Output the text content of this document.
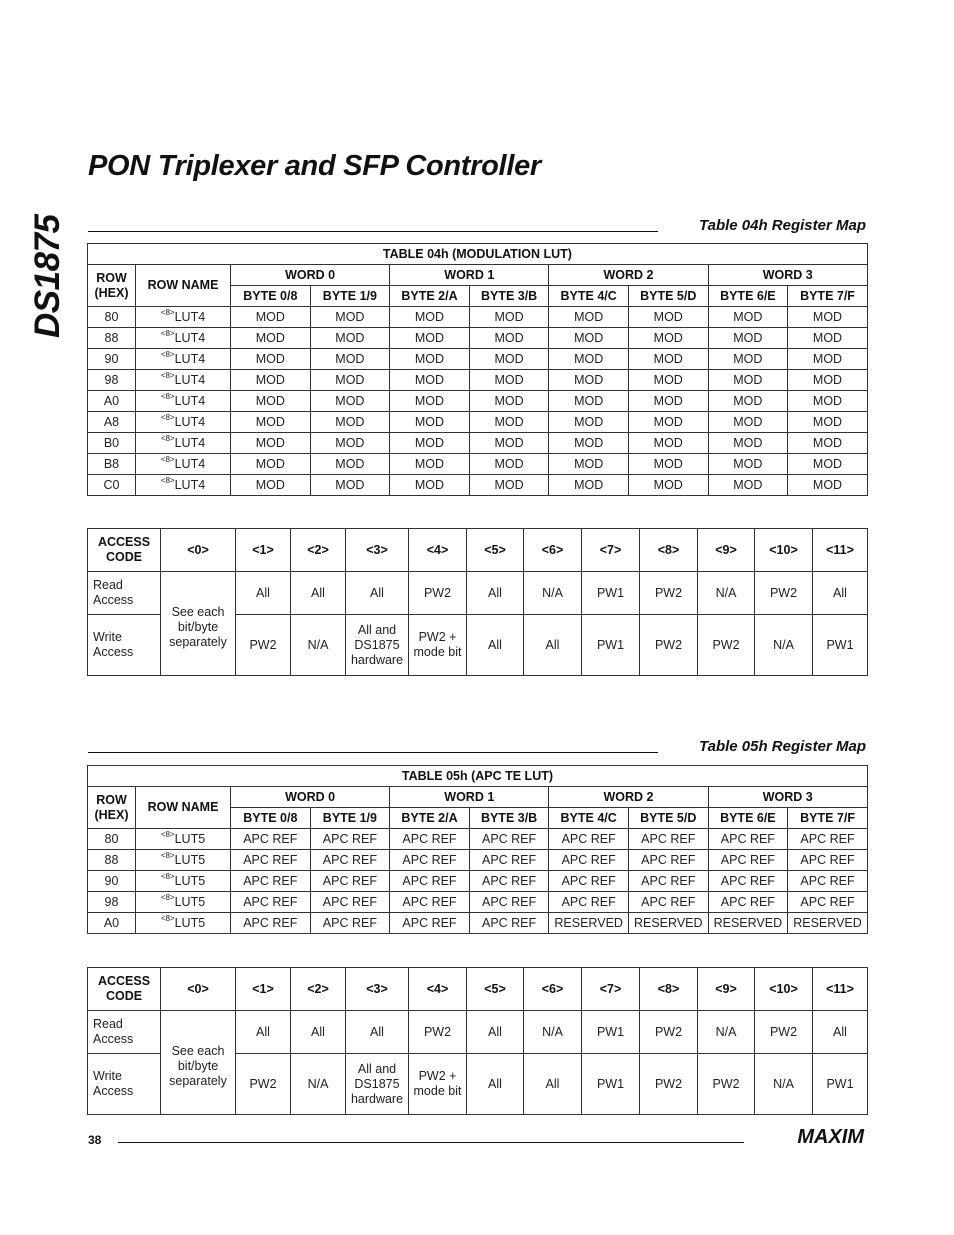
PON Triplexer and SFP Controller
DS1875	Table 04h Register Map
TABLE 04h (MODULATION LUT)									
ROW (HEX)	ROW NAME	WORD 0		WORD 1		WORD 2		WORD 3	
		BYTE 0/8	BYTE 1/9	BYTE 2/A	BYTE 3/B	BYTE 4/C	BYTE 5/D	BYTE 6/E	BYTE 7/F
80	$^{<8>}$LUT4	MOD	MOD	MOD	MOD	MOD	MOD	MOD	MOD
88	$^{<8>}$LUT4	MOD	MOD	MOD	MOD	MOD	MOD	MOD	MOD
90	$^{<8>}$LUT4	MOD	MOD	MOD	MOD	MOD	MOD	MOD	MOD
98	$^{<8>}$LUT4	MOD	MOD	MOD	MOD	MOD	MOD	MOD	MOD
A0	$^{<8>}$LUT4	MOD	MOD	MOD	MOD	MOD	MOD	MOD	MOD
A8	$^{<8>}$LUT4	MOD	MOD	MOD	MOD	MOD	MOD	MOD	MOD
B0	$^{<8>}$LUT4	MOD	MOD	MOD	MOD	MOD	MOD	MOD	MOD
B8	$^{<8>}$LUT4	MOD	MOD	MOD	MOD	MOD	MOD	MOD	MOD
C0	$^{<8>}$LUT4	MOD	MOD	MOD	MOD	MOD	MOD	MOD	MOD
ACCESS CODE	<0>	<1>	<2>	<3>	<4>	<5>	<6>	<7>	<8>	<9>	<10>	<11>
Read Access	See each bit/byte separately	All	All	All	PW2	All	N/A	PW1	PW2	N/A	PW2	All
Write Access		PW2	N/A	All and DS1875 hardware	PW2 + mode bit	All	All	PW1	PW2	PW2	N/A	PW1
Table 05h Register Map
TABLE 05h (APC TE LUT)									
ROW (HEX)	ROW NAME	WORD 0		WORD 1		WORD 2		WORD 3	
		BYTE 0/8	BYTE 1/9	BYTE 2/A	BYTE 3/B	BYTE 4/C	BYTE 5/D	BYTE 6/E	BYTE 7/F
80	$^{<8>}$LUT5	APC REF	APC REF	APC REF	APC REF	APC REF	APC REF	APC REF	APC REF
88	$^{<8>}$LUT5	APC REF	APC REF	APC REF	APC REF	APC REF	APC REF	APC REF	APC REF
90	$^{<8>}$LUT5	APC REF	APC REF	APC REF	APC REF	APC REF	APC REF	APC REF	APC REF
98	$^{<8>}$LUT5	APC REF	APC REF	APC REF	APC REF	APC REF	APC REF	APC REF	APC REF
A0	$^{<8>}$LUT5	APC REF	APC REF	APC REF	APC REF	RESERVED	RESERVED	RESERVED	RESERVED
ACCESS CODE	<0>	<1>	<2>	<3>	<4>	<5>	<6>	<7>	<8>	<9>	<10>	<11>
Read Access	See each bit/byte separately	All	All	All	PW2	All	N/A	PW1	PW2	N/A	PW2	All
Write Access		PW2	N/A	All and DS1875 hardware	PW2 + mode bit	All	All	PW1	PW2	PW2	N/A	PW1
38	MAXIM
